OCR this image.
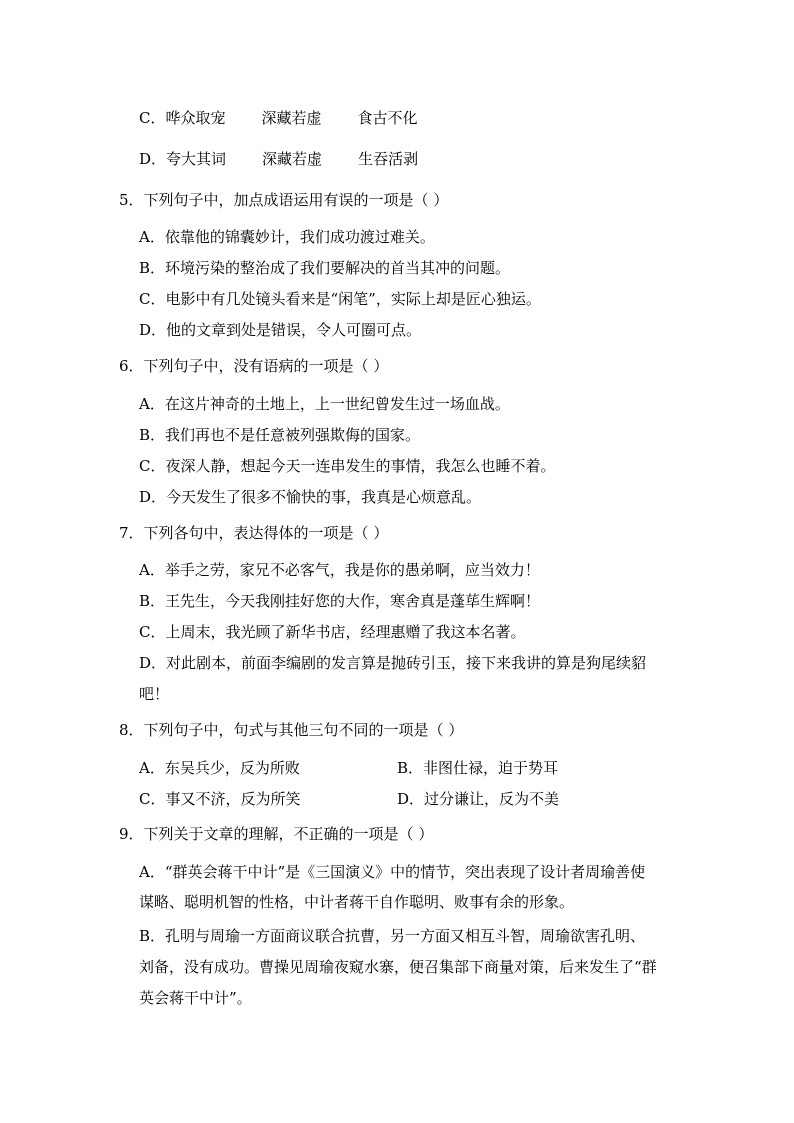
C．哗众取宠 深藏若虚 食古不化
D．夸大其词 深藏若虚 生吞活剥
5．下列句子中，加点成语运用有误的一项是（ ）
A．依靠他的锦囊妙计，我们成功渡过难关。
B．环境污染的整治成了我们要解决的首当其冲的问题。
C．电影中有几处镜头看来是“闲笔”，实际上却是匠心独运。
D．他的文章到处是错误，令人可圈可点。
6．下列句子中，没有语病的一项是（ ）
A．在这片神奇的土地上，上一世纪曾发生过一场血战。
B．我们再也不是任意被列强欺侮的国家。
C．夜深人静，想起今天一连串发生的事情，我怎么也睡不着。
D．今天发生了很多不愉快的事，我真是心烦意乱。
7．下列各句中，表达得体的一项是（ ）
A．举手之劳，家兄不必客气，我是你的愚弟啊，应当效力！
B．王先生，今天我刚挂好您的大作，寒舍真是蓬荜生辉啊！
C．上周末，我光顾了新华书店，经理惠赠了我这本名著。
D．对此剧本，前面李编剧的发言算是抛砖引玉，接下来我讲的算是狗尾续貂
吧！
8．下列句子中，句式与其他三句不同的一项是（ ）
A．东吴兵少，反为所败	B．非图仕禄，迫于势耳
C．事又不济，反为所笑	D．过分谦让，反为不美
9．下列关于文章的理解，不正确的一项是（ ）
A．“群英会蒋干中计”是《三国演义》中的情节，突出表现了设计者周瑜善使
谋略、聪明机智的性格，中计者蒋干自作聪明、败事有余的形象。
B．孔明与周瑜一方面商议联合抗曹，另一方面又相互斗智，周瑜欲害孔明、
刘备，没有成功。曹操见周瑜夜窥水寨，便召集部下商量对策，后来发生了“群
英会蒋干中计”。
